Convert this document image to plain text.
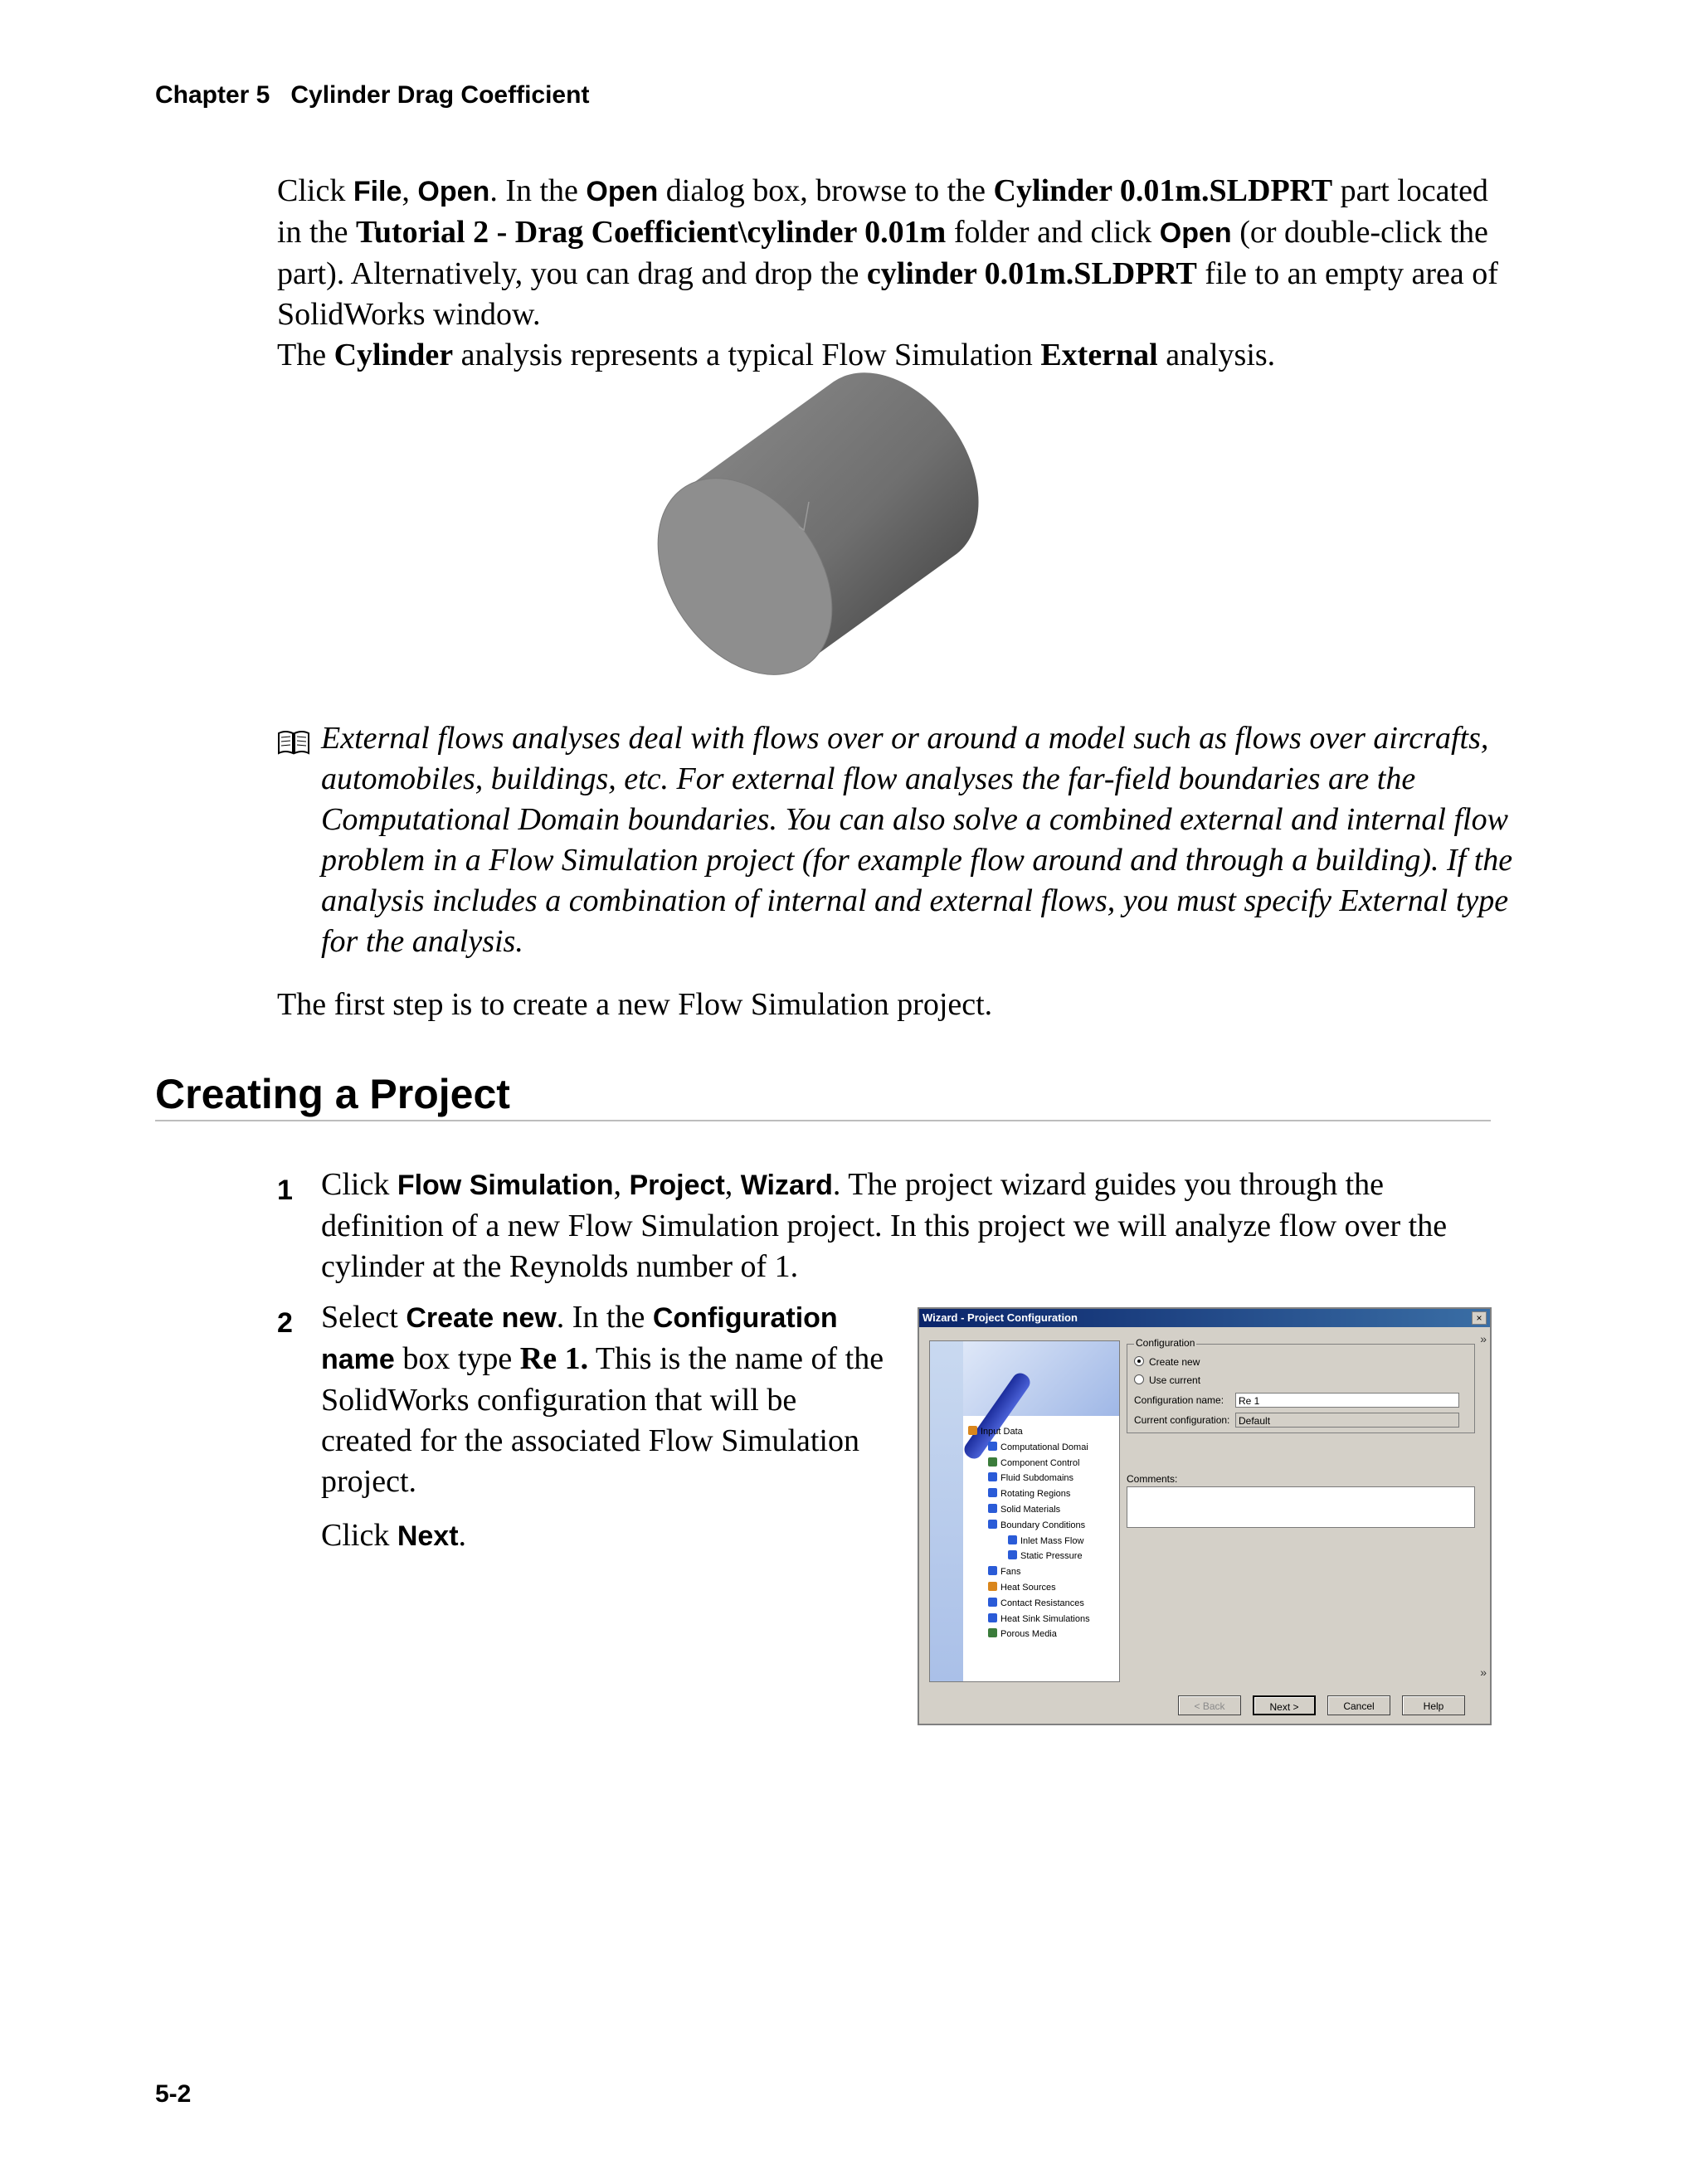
Chapter 5   Cylinder Drag Coefficient
Click File, Open. In the Open dialog box, browse to the Cylinder 0.01m.SLDPRT part located in the Tutorial 2 - Drag Coefficient\cylinder 0.01m folder and click Open (or double-click the part). Alternatively, you can drag and drop the cylinder 0.01m.SLDPRT file to an empty area of SolidWorks window.
The Cylinder analysis represents a typical Flow Simulation External analysis.
External flows analyses deal with flows over or around a model such as flows over aircrafts, automobiles, buildings, etc. For external flow analyses the far-field boundaries are the Computational Domain boundaries. You can also solve a combined external and internal flow problem in a Flow Simulation project (for example flow around and through a building). If the analysis includes a combination of internal and external flows, you must specify External type for the analysis.
The first step is to create a new Flow Simulation project.
Creating a Project
1 Click Flow Simulation, Project, Wizard. The project wizard guides you through the definition of a new Flow Simulation project. In this project we will analyze flow over the cylinder at the Reynolds number of 1.
2 Select Create new. In the Configuration name box type Re 1. This is the name of the SolidWorks configuration that will be created for the associated Flow Simulation project.
Click Next.
Wizard - Project Configuration	×
Input Data
Computational Domai
Component Control
Fluid Subdomains
Rotating Regions
Solid Materials
Boundary Conditions
Inlet Mass Flow
Static Pressure
Fans
Heat Sources
Contact Resistances
Heat Sink Simulations
Porous Media
Configuration
Create new
Use current
Configuration name:	Re 1
Current configuration: Default
»
Comments:
»
< Back	Next >	Cancel	Help
5-2
